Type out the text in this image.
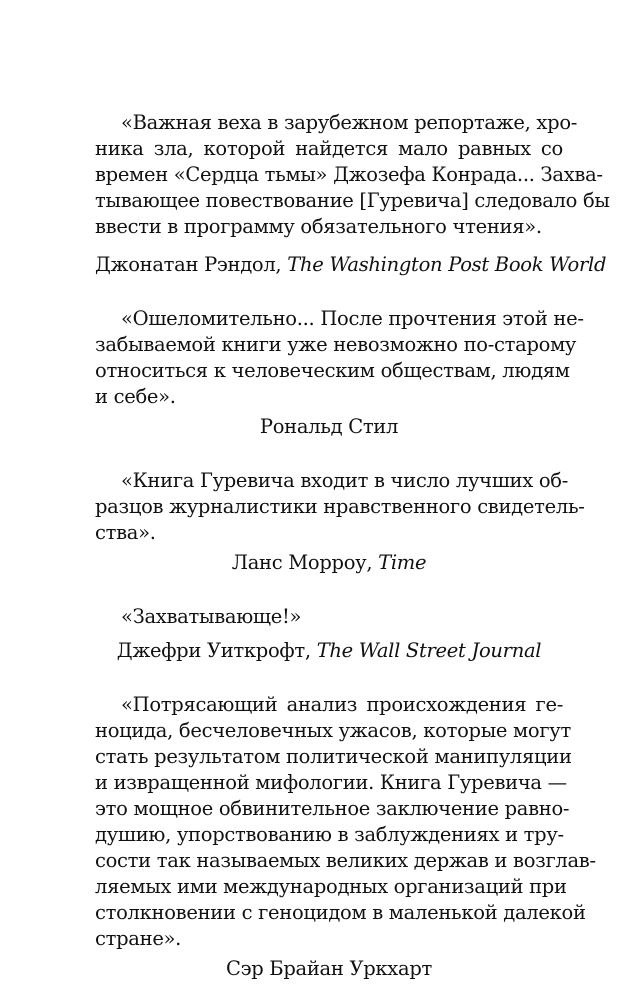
«Важная веха в зарубежном репортаже, хро-
ника зла, которой найдется мало равных со
времен «Сердца тьмы» Джозефа Конрада... Захва-
тывающее повествование [Гуревича] следовало бы
ввести в программу обязательного чтения».

Джонатан Рэндол, The Washington Post Book World

«Ошеломительно... После прочтения этой не-
забываемой книги уже невозможно по-старому
относиться к человеческим обществам, людям
и себе».

Рональд Стил

«Книга Гуревича входит в число лучших об-
разцов журналистики нравственного свидетель-
ства».

Ланс Морроу, Time

«Захватывающе!»

Джефри Уиткрофт, The Wall Street Journal

«Потрясающий анализ происхождения ге-
ноцида, бесчеловечных ужасов, которые могут
стать результатом политической манипуляции
и извращенной мифологии. Книга Гуревича —
это мощное обвинительное заключение равно-
душию, упорствованию в заблуждениях и тру-
сости так называемых великих держав и возглав-
ляемых ими международных организаций при
столкновении с геноцидом в маленькой далекой
стране».

Сэр Брайан Уркхарт
